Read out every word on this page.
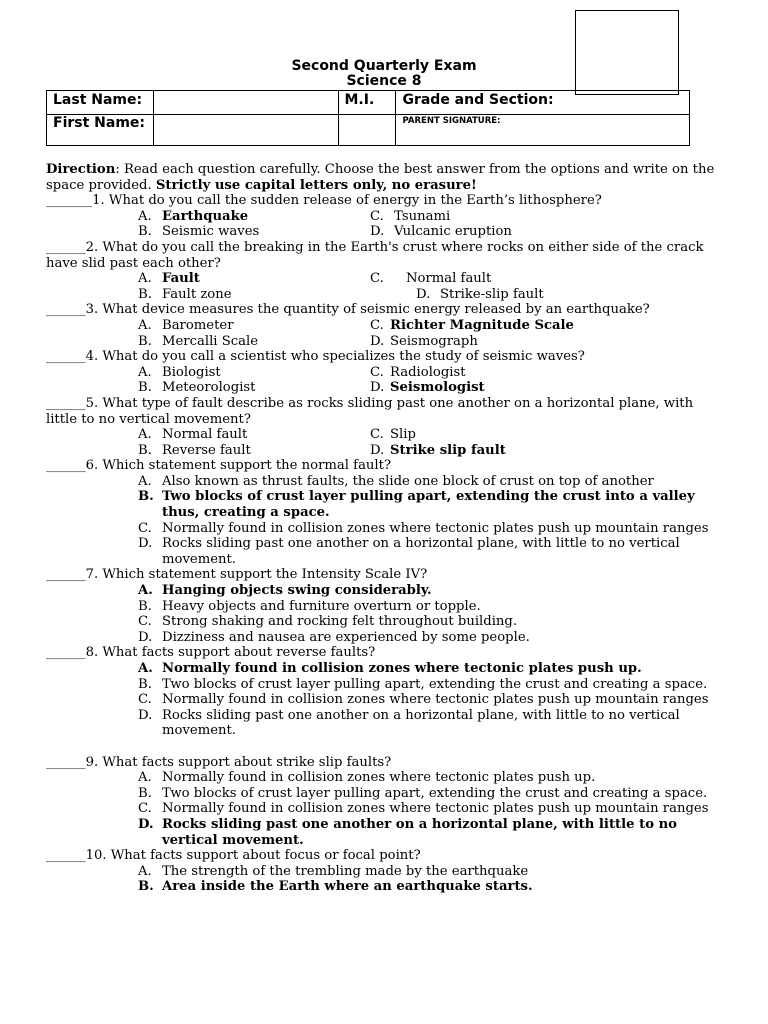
Second Quarterly Exam
Science 8
Last Name:		M.I.	Grade and Section:

First Name:			PARENT SIGNATURE:

Direction: Read each question carefully. Choose the best answer from the options and write on the space provided. Strictly use capital letters only, no erasure!

_______1. What do you call the sudden release of energy in the Earth’s lithosphere?

A. Earthquake	C. Tsunami
B. Seismic waves	D. Vulcanic eruption

______2. What do you call the breaking in the Earth's crust where rocks on either side of the crack have slid past each other?

A. Fault	C.	Normal fault
B. Fault zone	D. Strike-slip fault

______3. What device measures the quantity of seismic energy released by an earthquake?

A. Barometer	C. Richter Magnitude Scale
B. Mercalli Scale	D. Seismograph

______4. What do you call a scientist who specializes the study of seismic waves?

A. Biologist	C. Radiologist
B. Meteorologist	D. Seismologist

______5. What type of fault describe as rocks sliding past one another on a horizontal plane, with little to no vertical movement?

A. Normal fault	C. Slip
B. Reverse fault	D. Strike slip fault

______6. Which statement support the normal fault?

A. Also known as thrust faults, the slide one block of crust on top of another
B. Two blocks of crust layer pulling apart, extending the crust into a valley thus, creating a space.
C. Normally found in collision zones where tectonic plates push up mountain ranges
D. Rocks sliding past one another on a horizontal plane, with little to no vertical movement.

______7. Which statement support the Intensity Scale IV?

A. Hanging objects swing considerably.
B. Heavy objects and furniture overturn or topple.
C. Strong shaking and rocking felt throughout building.
D. Dizziness and nausea are experienced by some people.

______8. What facts support about reverse faults?

A. Normally found in collision zones where tectonic plates push up.
B. Two blocks of crust layer pulling apart, extending the crust and creating a space.
C. Normally found in collision zones where tectonic plates push up mountain ranges
D. Rocks sliding past one another on a horizontal plane, with little to no vertical movement.

______9. What facts support about strike slip faults?

A. Normally found in collision zones where tectonic plates push up.
B. Two blocks of crust layer pulling apart, extending the crust and creating a space.
C. Normally found in collision zones where tectonic plates push up mountain ranges
D. Rocks sliding past one another on a horizontal plane, with little to no vertical movement.

______10. What facts support about focus or focal point?

A. The strength of the trembling made by the earthquake
B. Area inside the Earth where an earthquake starts.
